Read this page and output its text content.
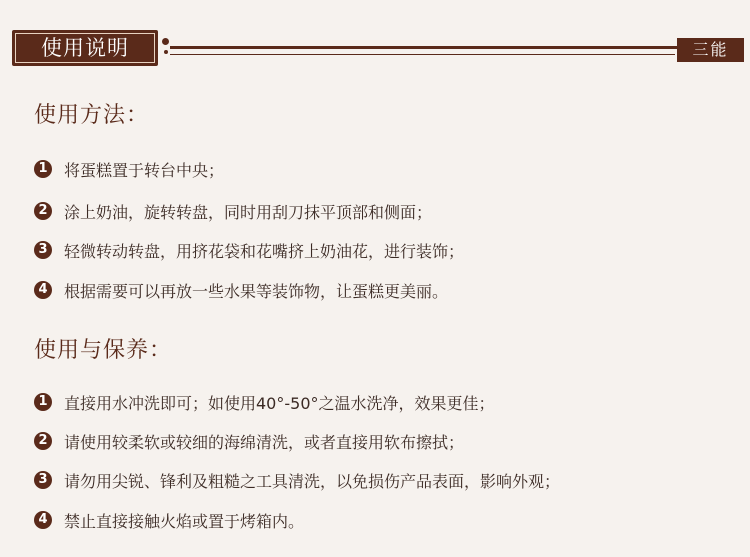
使用说明	三能
使用方法：
1 将蛋糕置于转台中央；
2 涂上奶油，旋转转盘，同时用刮刀抹平顶部和侧面；
3 轻微转动转盘，用挤花袋和花嘴挤上奶油花，进行装饰；
4 根据需要可以再放一些水果等装饰物，让蛋糕更美丽。
使用与保养：
1 直接用水冲洗即可；如使用40°-50°之温水洗净，效果更佳；
2 请使用较柔软或较细的海绵清洗，或者直接用软布擦拭；
3 请勿用尖锐、锋利及粗糙之工具清洗，以免损伤产品表面，影响外观；
4 禁止直接接触火焰或置于烤箱内。
